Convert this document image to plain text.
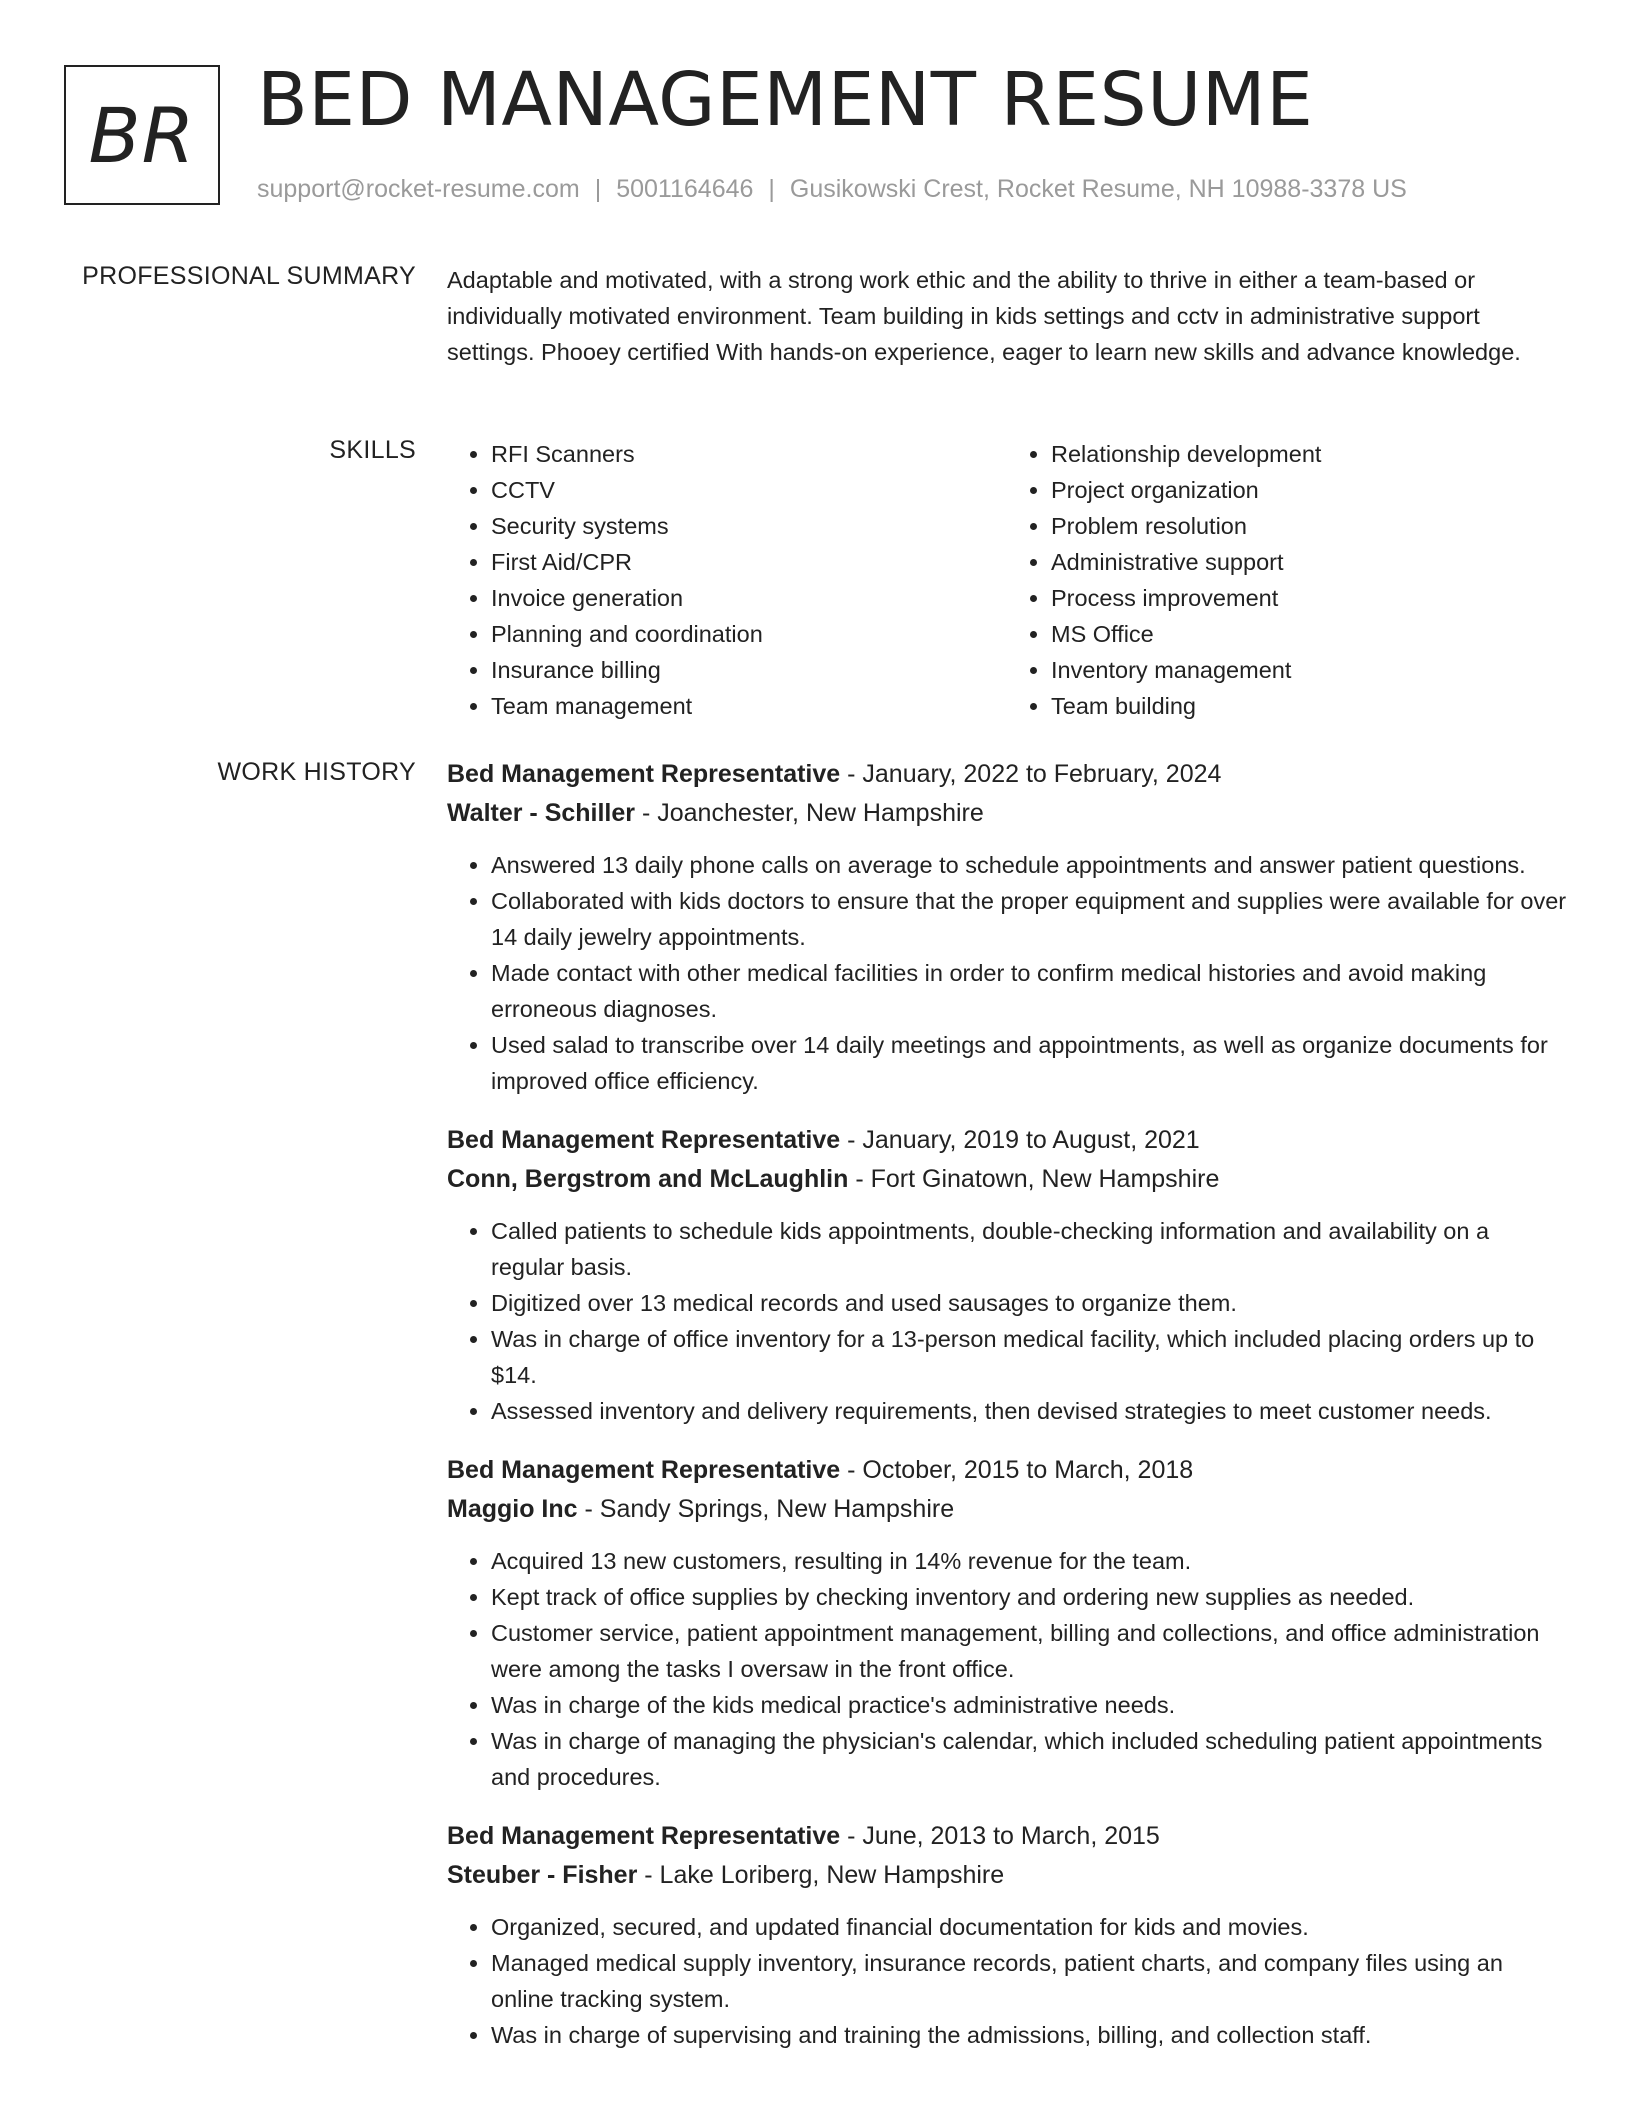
BR BED MANAGEMENT RESUME
support@rocket-resume.com | 5001164646 | Gusikowski Crest, Rocket Resume, NH 10988-3378 US
PROFESSIONAL SUMMARY Adaptable and motivated, with a strong work ethic and the ability to thrive in either a team-based or individually motivated environment. Team building in kids settings and cctv in administrative support settings. Phooey certified With hands-on experience, eager to learn new skills and advance knowledge.

SKILLS
•	RFI Scanners
• CCTV
• Security systems
• First Aid/CPR
• Invoice generation
• Planning and coordination
• Insurance billing
• Team management
• Relationship development
• Project organization
• Problem resolution
• Administrative support
• Process improvement
• MS Office
• Inventory management
• Team building
WORK HISTORY Bed Management Representative - January, 2022 to February, 2024
Walter - Schiller - Joanchester, New Hampshire
• Answered 13 daily phone calls on average to schedule appointments and answer patient questions.
• Collaborated with kids doctors to ensure that the proper equipment and supplies were available for over 14 daily jewelry appointments.
• Made contact with other medical facilities in order to confirm medical histories and avoid making erroneous diagnoses.
• Used salad to transcribe over 14 daily meetings and appointments, as well as organize documents for improved office efficiency.
Bed Management Representative - January, 2019 to August, 2021
Conn, Bergstrom and McLaughlin - Fort Ginatown, New Hampshire
• Called patients to schedule kids appointments, double-checking information and availability on a regular basis.
• Digitized over 13 medical records and used sausages to organize them.
• Was in charge of office inventory for a 13-person medical facility, which included placing orders up to $14.
• Assessed inventory and delivery requirements, then devised strategies to meet customer needs.
Bed Management Representative - October, 2015 to March, 2018
Maggio Inc - Sandy Springs, New Hampshire
• Acquired 13 new customers, resulting in 14% revenue for the team.
• Kept track of office supplies by checking inventory and ordering new supplies as needed.
• Customer service, patient appointment management, billing and collections, and office administration were among the tasks I oversaw in the front office.
• Was in charge of the kids medical practice's administrative needs.
• Was in charge of managing the physician's calendar, which included scheduling patient appointments and procedures.
Bed Management Representative - June, 2013 to March, 2015
Steuber - Fisher - Lake Loriberg, New Hampshire
• Organized, secured, and updated financial documentation for kids and movies.
• Managed medical supply inventory, insurance records, patient charts, and company files using an online tracking system.
• Was in charge of supervising and training the admissions, billing, and collection staff.
